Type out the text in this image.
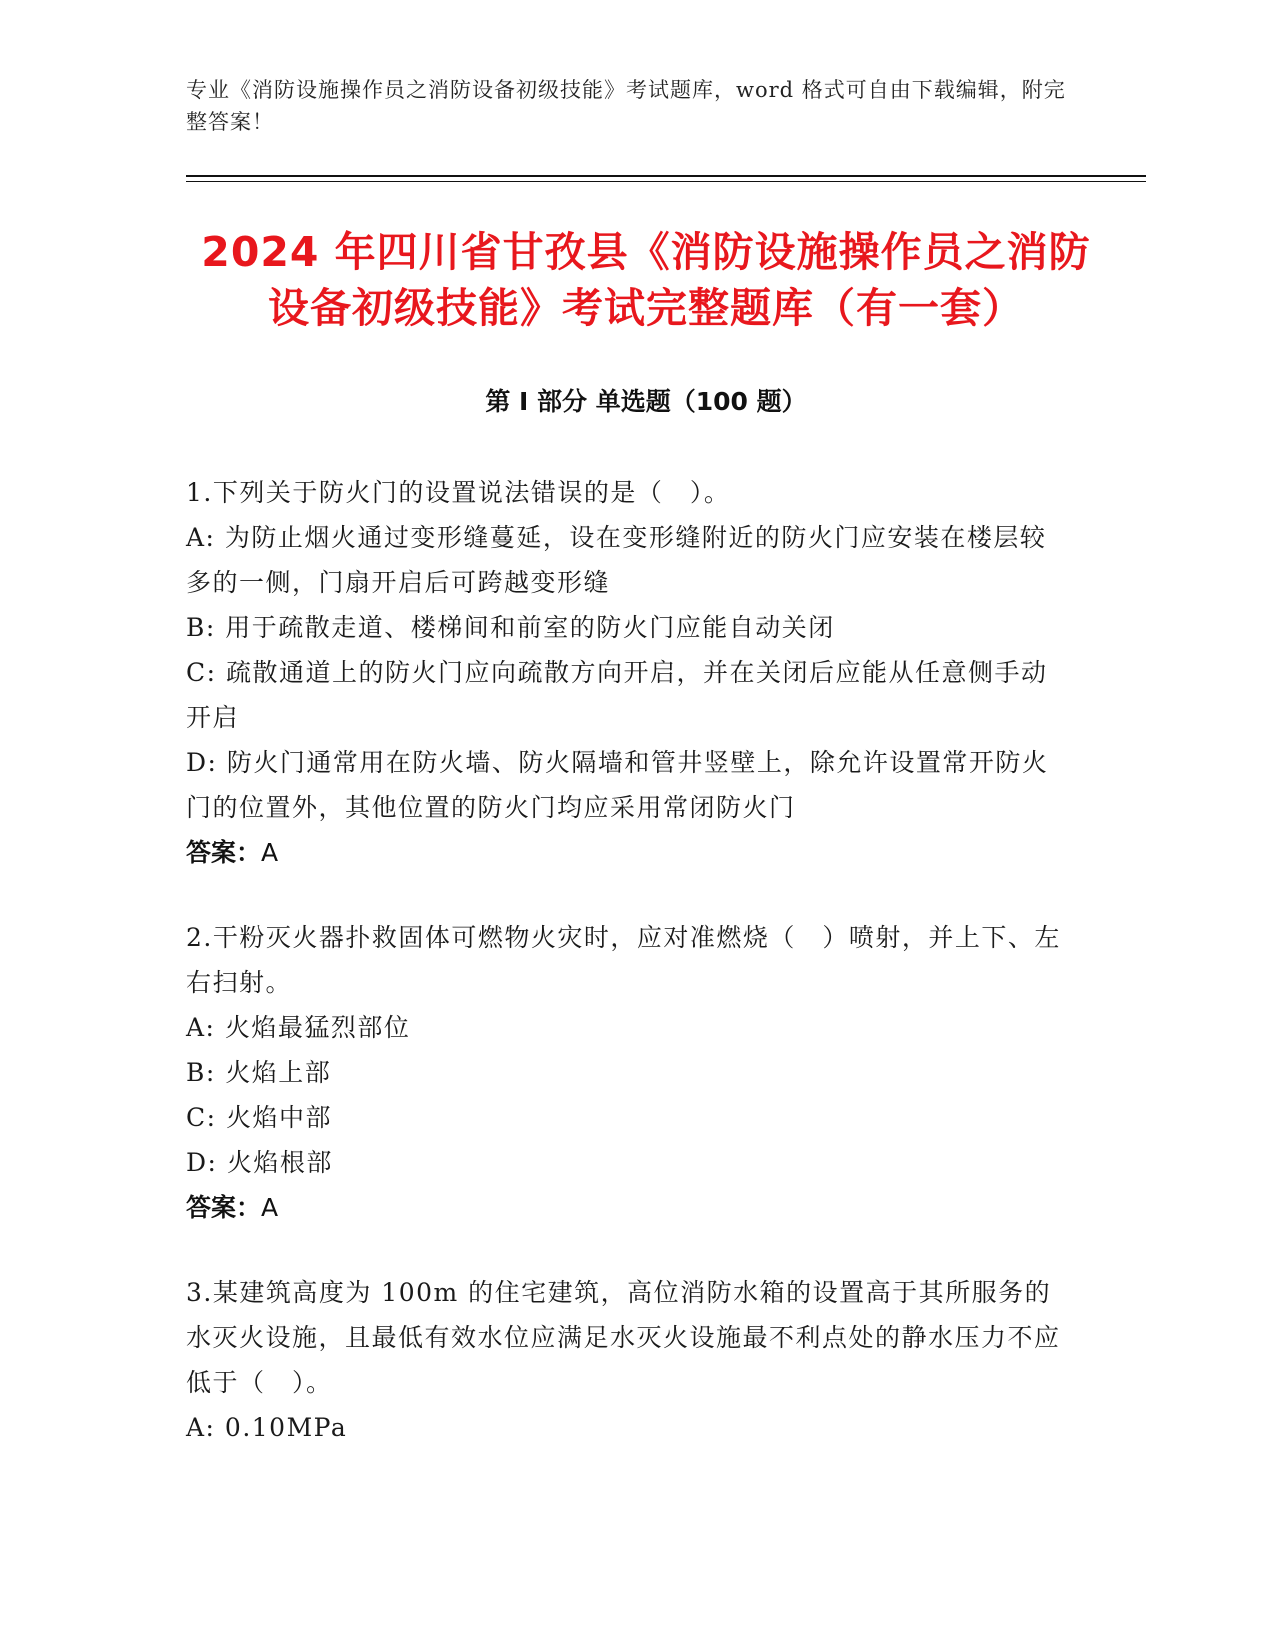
专业《消防设施操作员之消防设备初级技能》考试题库，word 格式可自由下载编辑，附完整答案！
2024 年四川省甘孜县《消防设施操作员之消防设备初级技能》考试完整题库（有一套）
第 I 部分 单选题（100 题）

1.下列关于防火门的设置说法错误的是（　）。

A: 为防止烟火通过变形缝蔓延，设在变形缝附近的防火门应安装在楼层较多的一侧，门扇开启后可跨越变形缝

B: 用于疏散走道、楼梯间和前室的防火门应能自动关闭

C: 疏散通道上的防火门应向疏散方向开启，并在关闭后应能从任意侧手动开启

D: 防火门通常用在防火墙、防火隔墙和管井竖壁上，除允许设置常开防火门的位置外，其他位置的防火门均应采用常闭防火门

答案：A

2.干粉灭火器扑救固体可燃物火灾时，应对准燃烧（　）喷射，并上下、左右扫射。

A: 火焰最猛烈部位

B: 火焰上部

C: 火焰中部

D: 火焰根部

答案：A

3.某建筑高度为 100m 的住宅建筑，高位消防水箱的设置高于其所服务的水灭火设施，且最低有效水位应满足水灭火设施最不利点处的静水压力不应低于（　）。

A: 0.10MPa
